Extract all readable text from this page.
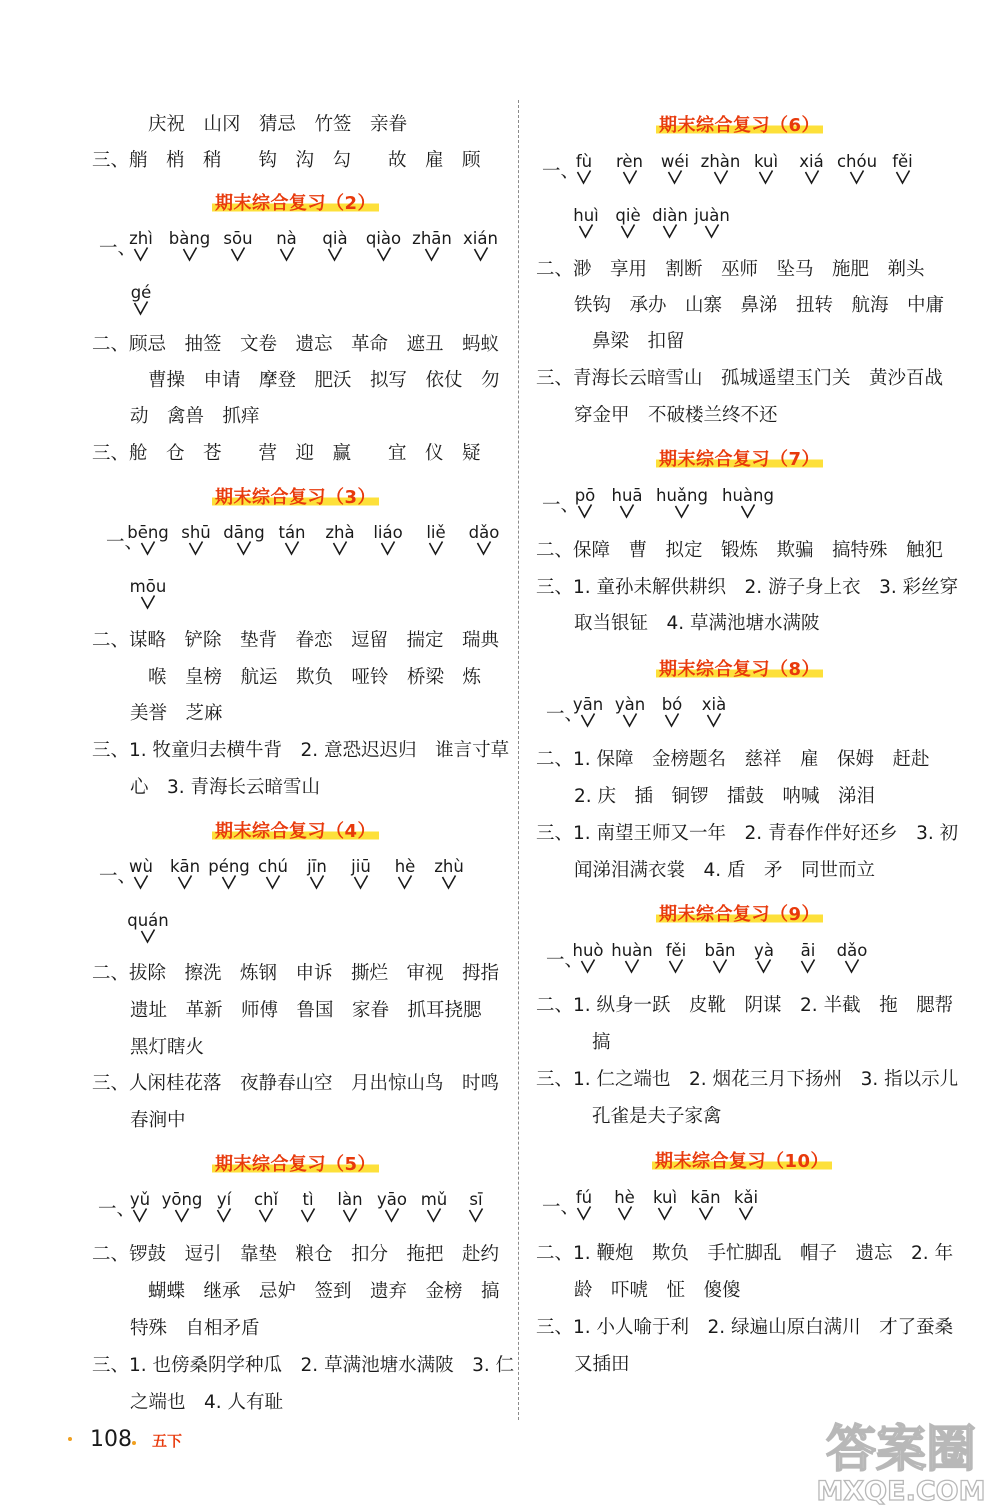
庆祝　山冈　猜忌　竹签　亲眷
三、艄　梢　稍　　钩　沟　勾　　故　雇　顾
期末综合复习（2）
一、
zhì bàng sōu nà qià qiào zhān xián
gé
二、顾忌　抽签　文卷　遗忘　革命　遮丑　蚂蚁
曹操　申请　摩登　肥沃　拟写　依仗　勿
动　禽兽　抓痒
三、舱　仓　苍　　营　迎　赢　　宜　仪　疑
期末综合复习（3）
一、
bēng shū dāng tán zhà liáo liě dǎo
mōu
二、谋略　铲除　垫背　眷恋　逗留　揣定　瑞典
喉　皇榜　航运　欺负　哑铃　桥梁　炼
美誉　芝麻
三、1. 牧童归去横牛背　2. 意恐迟迟归　谁言寸草
心　3. 青海长云暗雪山
期末综合复习（4）
一、
wù kān péng chú jīn jiū hè zhù
quán
二、拔除　擦洗　炼钢　申诉　撕烂　审视　拇指
遗址　革新　师傅　鲁国　家眷　抓耳挠腮
黑灯瞎火
三、人闲桂花落　夜静春山空　月出惊山鸟　时鸣
春涧中
期末综合复习（5）
一、
yǔ yōng yí chǐ tì làn yāo mǔ sī
二、锣鼓　逗引　靠垫　粮仓　扣分　拖把　赴约
蝴蝶　继承　忌妒　签到　遗弃　金榜　搞
特殊　自相矛盾
三、1. 也傍桑阴学种瓜　2. 草满池塘水满陂　3. 仁
之端也　4. 人有耻
期末综合复习（6）
一、
fù rèn wéi zhàn kuì xiá chóu fěi
huì qiè diàn juàn
二、渺　享用　割断　巫师　坠马　施肥　剃头
铁钩　承办　山寨　鼻涕　扭转　航海　中庸
鼻梁　扣留
三、青海长云暗雪山　孤城遥望玉门关　黄沙百战
穿金甲　不破楼兰终不还
期末综合复习（7）
一、
pō huā huǎng huàng
二、保障　曹　拟定　锻炼　欺骗　搞特殊　触犯
三、1. 童孙未解供耕织　2. 游子身上衣　3. 彩丝穿
取当银钲　4. 草满池塘水满陂
期末综合复习（8）
一、
yān yàn bó xià
二、1. 保障　金榜题名　慈祥　雇　保姆　赶赴
2. 庆　插　铜锣　擂鼓　呐喊　涕泪
三、1. 南望王师又一年　2. 青春作伴好还乡　3. 初
闻涕泪满衣裳　4. 盾　矛　同世而立
期末综合复习（9）
一、
huò huàn fěi bān yà āi dǎo
二、1. 纵身一跃　皮靴　阴谋　2. 半截　拖　腮帮
搞
三、1. 仁之端也　2. 烟花三月下扬州　3. 指以示儿
孔雀是夫子家禽
期末综合复习（10）
一、
fú hè kuì kān kǎi
二、1. 鞭炮　欺负　手忙脚乱　帽子　遗忘　2. 年
龄　吓唬　怔　傻傻
三、1. 小人喻于利　2. 绿遍山原白满川　才了蚕桑
又插田
108 五下	答案圈
MXQE.COM
